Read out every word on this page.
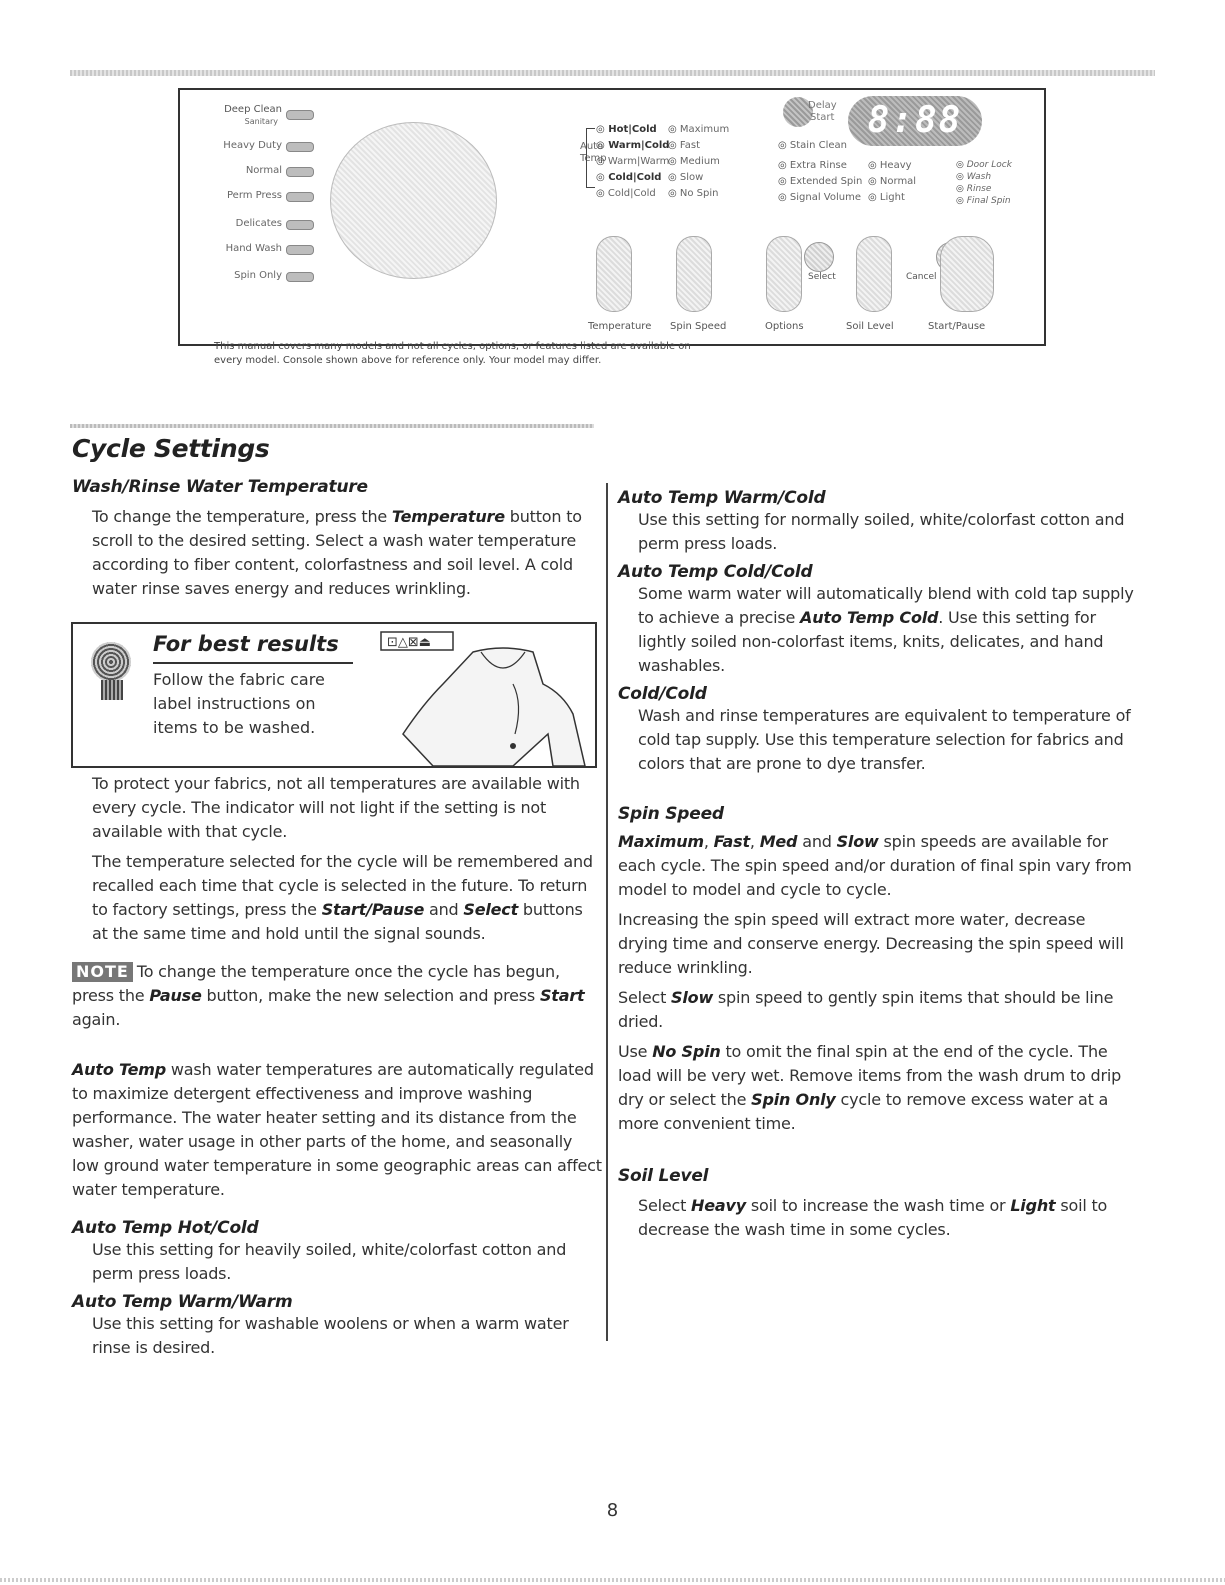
Deep Clean
Sanitary
Heavy Duty
Normal
Perm Press
Delicates
Hand Wash
Spin Only
Auto
Temp
◎ Hot|Cold
◎ Warm|Cold
◎ Warm|Warm
◎ Cold|Cold
◎ Cold|Cold
◎ Maximum
◎ Fast
◎ Medium
◎ Slow
◎ No Spin
Delay
Start 8:88
◎ Stain Clean
◎ Extra Rinse
◎ Extended Spin
◎ Signal Volume
◎ Heavy
◎ Normal
◎ Light
◎ Door Lock
◎ Wash
◎ Rinse
◎ Final Spin
Select	Cancel
Temperature Spin Speed	Options	Soil Level	Start/Pause
This manual covers many models and not all cycles, options, or features listed are available on
every model. Console shown above for reference only. Your model may differ.
Cycle Settings
Wash/Rinse Water Temperature

To change the temperature, press the Temperature button to scroll to the desired setting. Select a wash water temperature according to fiber content, colorfastness and soil level. A cold water rinse saves energy and reduces wrinkling.

For best results
Follow the fabric care label instructions on items to be washed.
⊡△⊠⏏

To protect your fabrics, not all temperatures are available with every cycle. The indicator will not light if the setting is not available with that cycle.

The temperature selected for the cycle will be remembered and recalled each time that cycle is selected in the future. To return to factory settings, press the Start/Pause and Select buttons at the same time and hold until the signal sounds.

NOTE To change the temperature once the cycle has begun, press the Pause button, make the new selection and press Start again.

Auto Temp wash water temperatures are automatically regulated to maximize detergent effectiveness and improve washing performance. The water heater setting and its distance from the washer, water usage in other parts of the home, and seasonally low ground water temperature in some geographic areas can affect water temperature.

Auto Temp Hot/Cold

Use this setting for heavily soiled, white/colorfast cotton and perm press loads.

Auto Temp Warm/Warm

Use this setting for washable woolens or when a warm water rinse is desired.

Auto Temp Warm/Cold

Use this setting for normally soiled, white/colorfast cotton and perm press loads.

Auto Temp Cold/Cold

Some warm water will automatically blend with cold tap supply to achieve a precise Auto Temp Cold. Use this setting for lightly soiled non-colorfast items, knits, delicates, and hand washables.

Cold/Cold

Wash and rinse temperatures are equivalent to temperature of cold tap supply. Use this temperature selection for fabrics and colors that are prone to dye transfer.

Spin Speed

Maximum, Fast, Med and Slow spin speeds are available for each cycle. The spin speed and/or duration of final spin vary from model to model and cycle to cycle.

Increasing the spin speed will extract more water, decrease drying time and conserve energy. Decreasing the spin speed will reduce wrinkling.

Select Slow spin speed to gently spin items that should be line dried.

Use No Spin to omit the final spin at the end of the cycle. The load will be very wet. Remove items from the wash drum to drip dry or select the Spin Only cycle to remove excess water at a more convenient time.

Soil Level

Select Heavy soil to increase the wash time or Light soil to decrease the wash time in some cycles.

8
